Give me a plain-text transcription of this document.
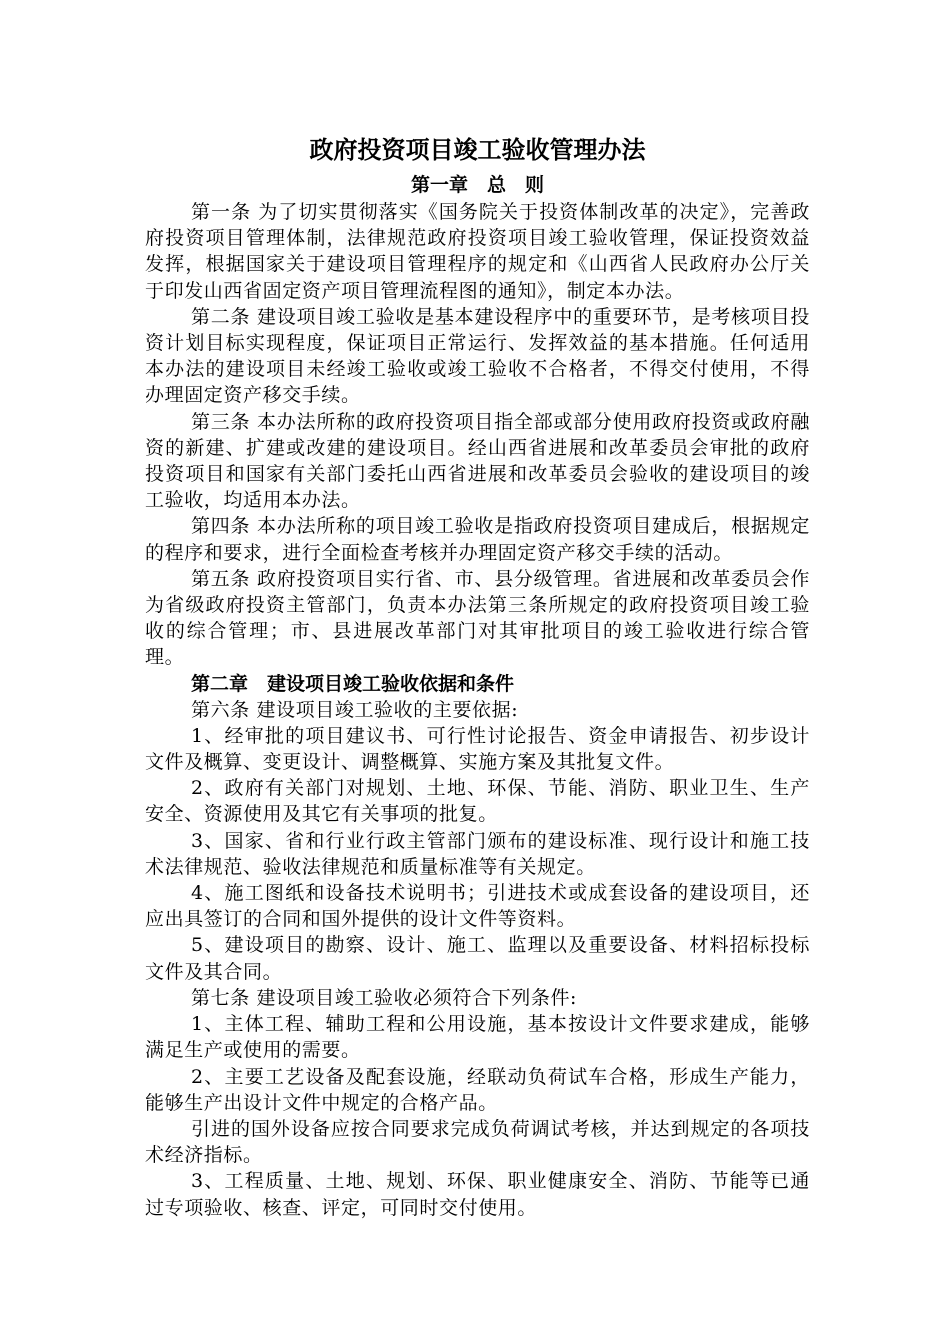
政府投资项目竣工验收管理办法
第一章　总　则

第一条 为了切实贯彻落实《国务院关于投资体制改革的决定》，完善政府投资项目管理体制，法律规范政府投资项目竣工验收管理，保证投资效益发挥，根据国家关于建设项目管理程序的规定和《山西省人民政府办公厅关于印发山西省固定资产项目管理流程图的通知》，制定本办法。

第二条 建设项目竣工验收是基本建设程序中的重要环节，是考核项目投资计划目标实现程度，保证项目正常运行、发挥效益的基本措施。任何适用本办法的建设项目未经竣工验收或竣工验收不合格者，不得交付使用，不得办理固定资产移交手续。

第三条 本办法所称的政府投资项目指全部或部分使用政府投资或政府融资的新建、扩建或改建的建设项目。经山西省进展和改革委员会审批的政府投资项目和国家有关部门委托山西省进展和改革委员会验收的建设项目的竣工验收，均适用本办法。

第四条 本办法所称的项目竣工验收是指政府投资项目建成后，根据规定的程序和要求，进行全面检查考核并办理固定资产移交手续的活动。

第五条 政府投资项目实行省、市、县分级管理。省进展和改革委员会作为省级政府投资主管部门，负责本办法第三条所规定的政府投资项目竣工验收的综合管理；市、县进展改革部门对其审批项目的竣工验收进行综合管理。

第二章　建设项目竣工验收依据和条件

第六条 建设项目竣工验收的主要依据:

1、经审批的项目建议书、可行性讨论报告、资金申请报告、初步设计文件及概算、变更设计、调整概算、实施方案及其批复文件。

2、政府有关部门对规划、土地、环保、节能、消防、职业卫生、生产安全、资源使用及其它有关事项的批复。

3、国家、省和行业行政主管部门颁布的建设标准、现行设计和施工技术法律规范、验收法律规范和质量标准等有关规定。

4、施工图纸和设备技术说明书；引进技术或成套设备的建设项目，还应出具签订的合同和国外提供的设计文件等资料。

5、建设项目的勘察、设计、施工、监理以及重要设备、材料招标投标文件及其合同。

第七条 建设项目竣工验收必须符合下列条件:

1、主体工程、辅助工程和公用设施，基本按设计文件要求建成，能够满足生产或使用的需要。

2、主要工艺设备及配套设施，经联动负荷试车合格，形成生产能力，能够生产出设计文件中规定的合格产品。

引进的国外设备应按合同要求完成负荷调试考核，并达到规定的各项技术经济指标。

3、工程质量、土地、规划、环保、职业健康安全、消防、节能等已通过专项验收、核查、评定，可同时交付使用。
